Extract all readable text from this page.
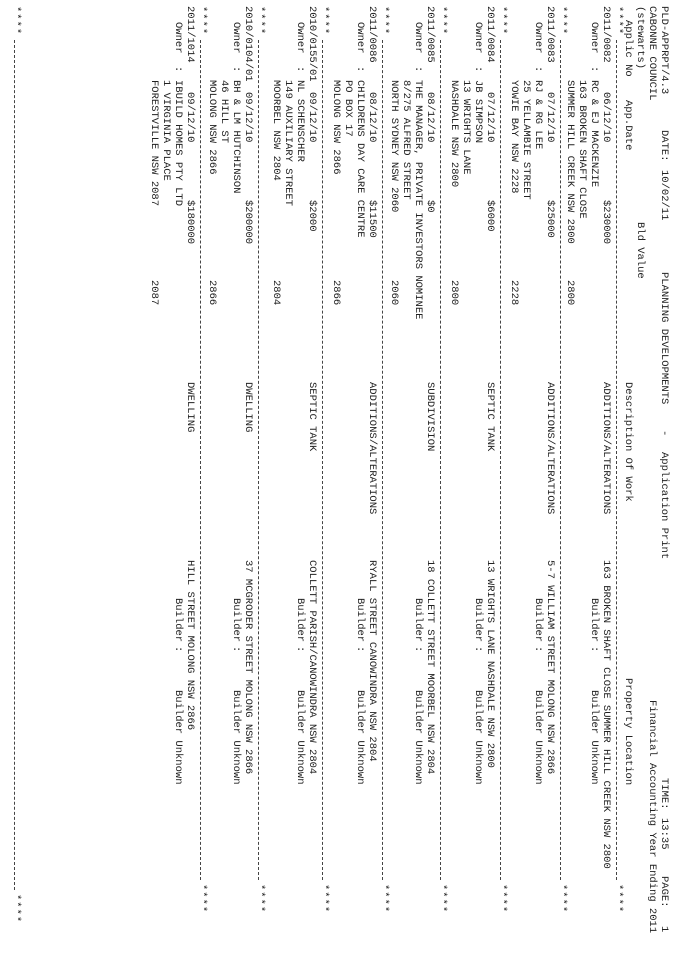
PLD-APPRPT/4.3
DATE:
10/02/11
PLANNING DEVELOPMENTS
-
Application Print
TIME:
13:35
PAGE:
1
CABONNE COUNCIL
(stewarts)
Financial Accounting Year Ending 2011
Applic No
App.Date
Bld Value
Description Of Work
Property Location
****
****
2011/0082
06/12/10
$230000
ADDITIONS/ALTERATIONS
163 BROKEN SHAFT CLOSE SUMMER HILL CREEK NSW 2800
Owner
:
RC & EJ MACKENZIE
Builder
:
Builder Unknown
163 BROKEN SHAFT CLOSE
SUMMER HILL CREEK NSW 2800
2800
****
****
2011/0083
07/12/10
$25000
ADDITIONS/ALTERATIONS
5-7 WILLIAM STREET MOLONG NSW 2866
Owner
:
RJ & RG LEE
Builder
:
Builder Unknown
25 YELLAMBIE STREET
YOWIE BAY NSW 2228
2228
****
****
2011/0084
07/12/10
$6000
SEPTIC TANK
13 WRIGHTS LANE NASHDALE NSW 2800
Owner
:
JB SIMPSON
Builder
:
Builder Unknown
13 WRIGHTS LANE
NASHDALE NSW 2800
2800
****
****
2011/0085
08/12/10
$0
SUBDIVISION
18 COLLETT STREET MOORBEL NSW 2804
Owner
:
THE MANAGER, PRIVATE INVESTORS NOMINEE
Builder
:
Builder Unknown
8/275 ALFRED STREET
NORTH SYDNEY NSW 2060
2060
****
****
2011/0086
08/12/10
$11500
ADDITIONS/ALTERATIONS
RYALL STREET CANOWINDRA NSW 2804
Owner
:
CHILDRENS DAY CARE CENTRE
Builder
:
Builder Unknown
PO BOX 17
MOLONG NSW 2866
2866
****
****
2010/0155/01
09/12/10
$2000
SEPTIC TANK
COLLETT PARISH/CANOWINDRA NSW 2804
Owner
:
NL SCHENSCHER
Builder
:
Builder Unknown
149 AUXILIARY STREET
MOORBEL NSW 2804
2804
****
****
2010/0104/01
09/12/10
$200000
DWELLING
37 MCGRODER STREET MOLONG NSW 2866
Owner
:
BH & LM HUTCHINSON
Builder
:
Builder Unknown
46 HILL ST
MOLONG NSW 2866
2866
****
****
2011/1014
09/12/10
$180000
DWELLING
HILL STREET MOLONG NSW 2866
Owner
:
IBUILD HOMES PTY LTD
Builder
:
Builder Unknown
1 VIRGINIA PLACE
FORESTVILLE NSW 2087
2087
****
****
